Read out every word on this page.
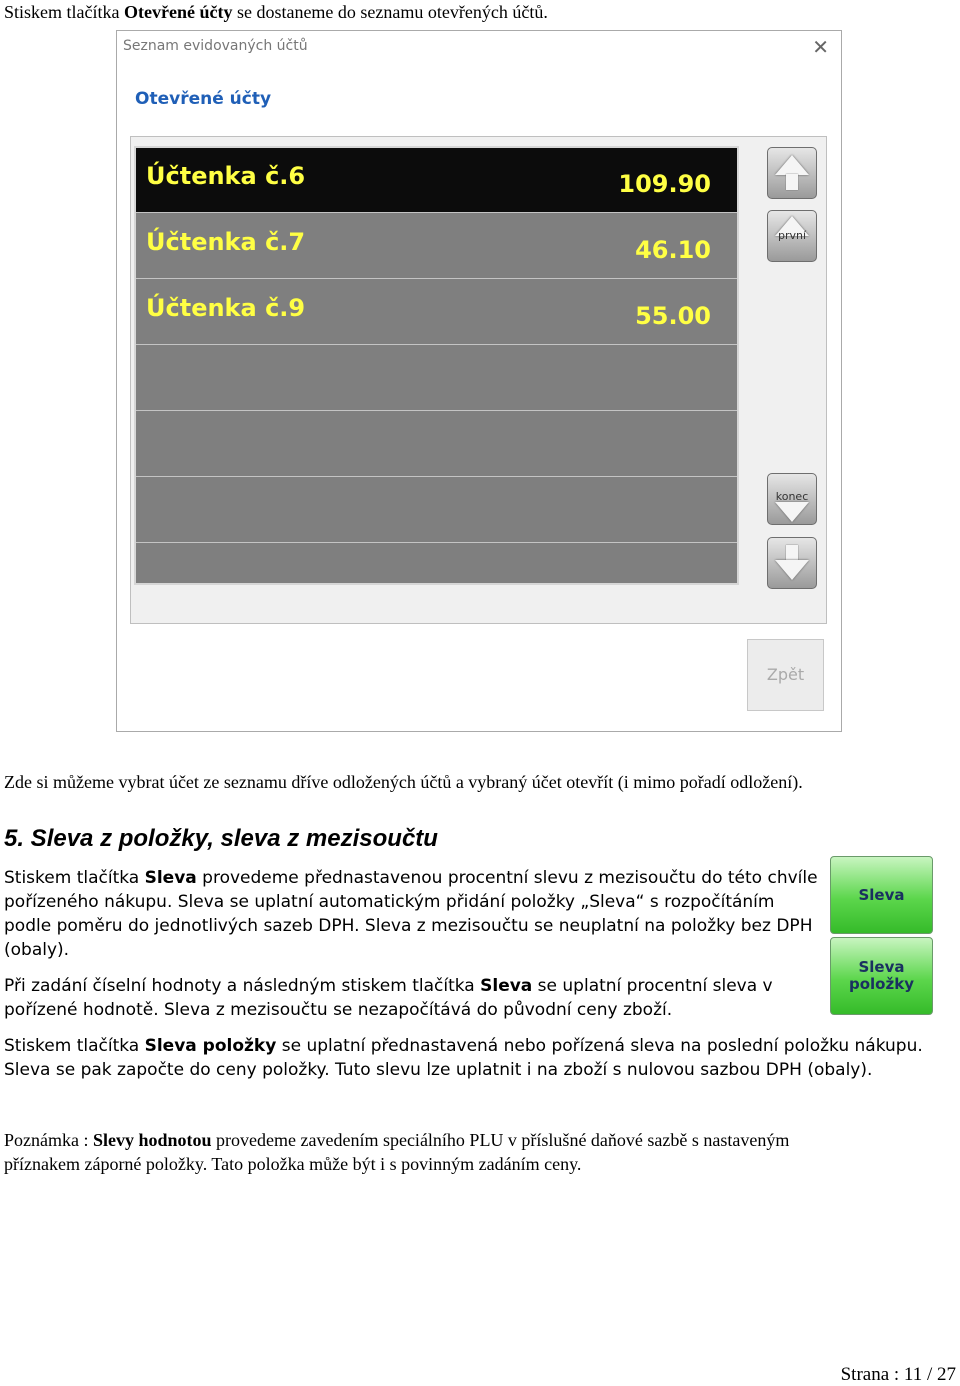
Stiskem tlačítka Otevřené účty se dostaneme do seznamu otevřených účtů.

Seznam evidovaných účtů	✕
Otevřené účty
Účtenka č.6	109.90
Účtenka č.7	46.10
Účtenka č.9	55.00
první
konec
Zpět

Zde si můžeme vybrat účet ze seznamu dříve odložených účtů a vybraný účet otevřít (i mimo pořadí odložení).

5. Sleva z položky, sleva z mezisoučtu

Stiskem tlačítka Sleva provedeme přednastavenou procentní slevu z mezisoučtu do této chvíle

pořízeného nákupu. Sleva se uplatní automatickým přidání položky „Sleva“ s rozpočítáním

podle poměru do jednotlivých sazeb DPH. Sleva z mezisoučtu se neuplatní na položky bez DPH

(obaly).

Při zadání číselní hodnoty a následným stiskem tlačítka Sleva se uplatní procentní sleva v

pořízené hodnotě. Sleva z mezisoučtu se nezapočítává do původní ceny zboží.

Stiskem tlačítka Sleva položky se uplatní přednastavená nebo pořízená sleva na poslední položku nákupu.

Sleva se pak započte do ceny položky. Tuto slevu lze uplatnit i na zboží s nulovou sazbou DPH (obaly).

Sleva
Sleva
položky

Poznámka : Slevy hodnotou provedeme zavedením speciálního PLU v příslušné daňové sazbě s nastaveným

příznakem záporné položky. Tato položka může být i s povinným zadáním ceny.

Strana : 11 / 27
